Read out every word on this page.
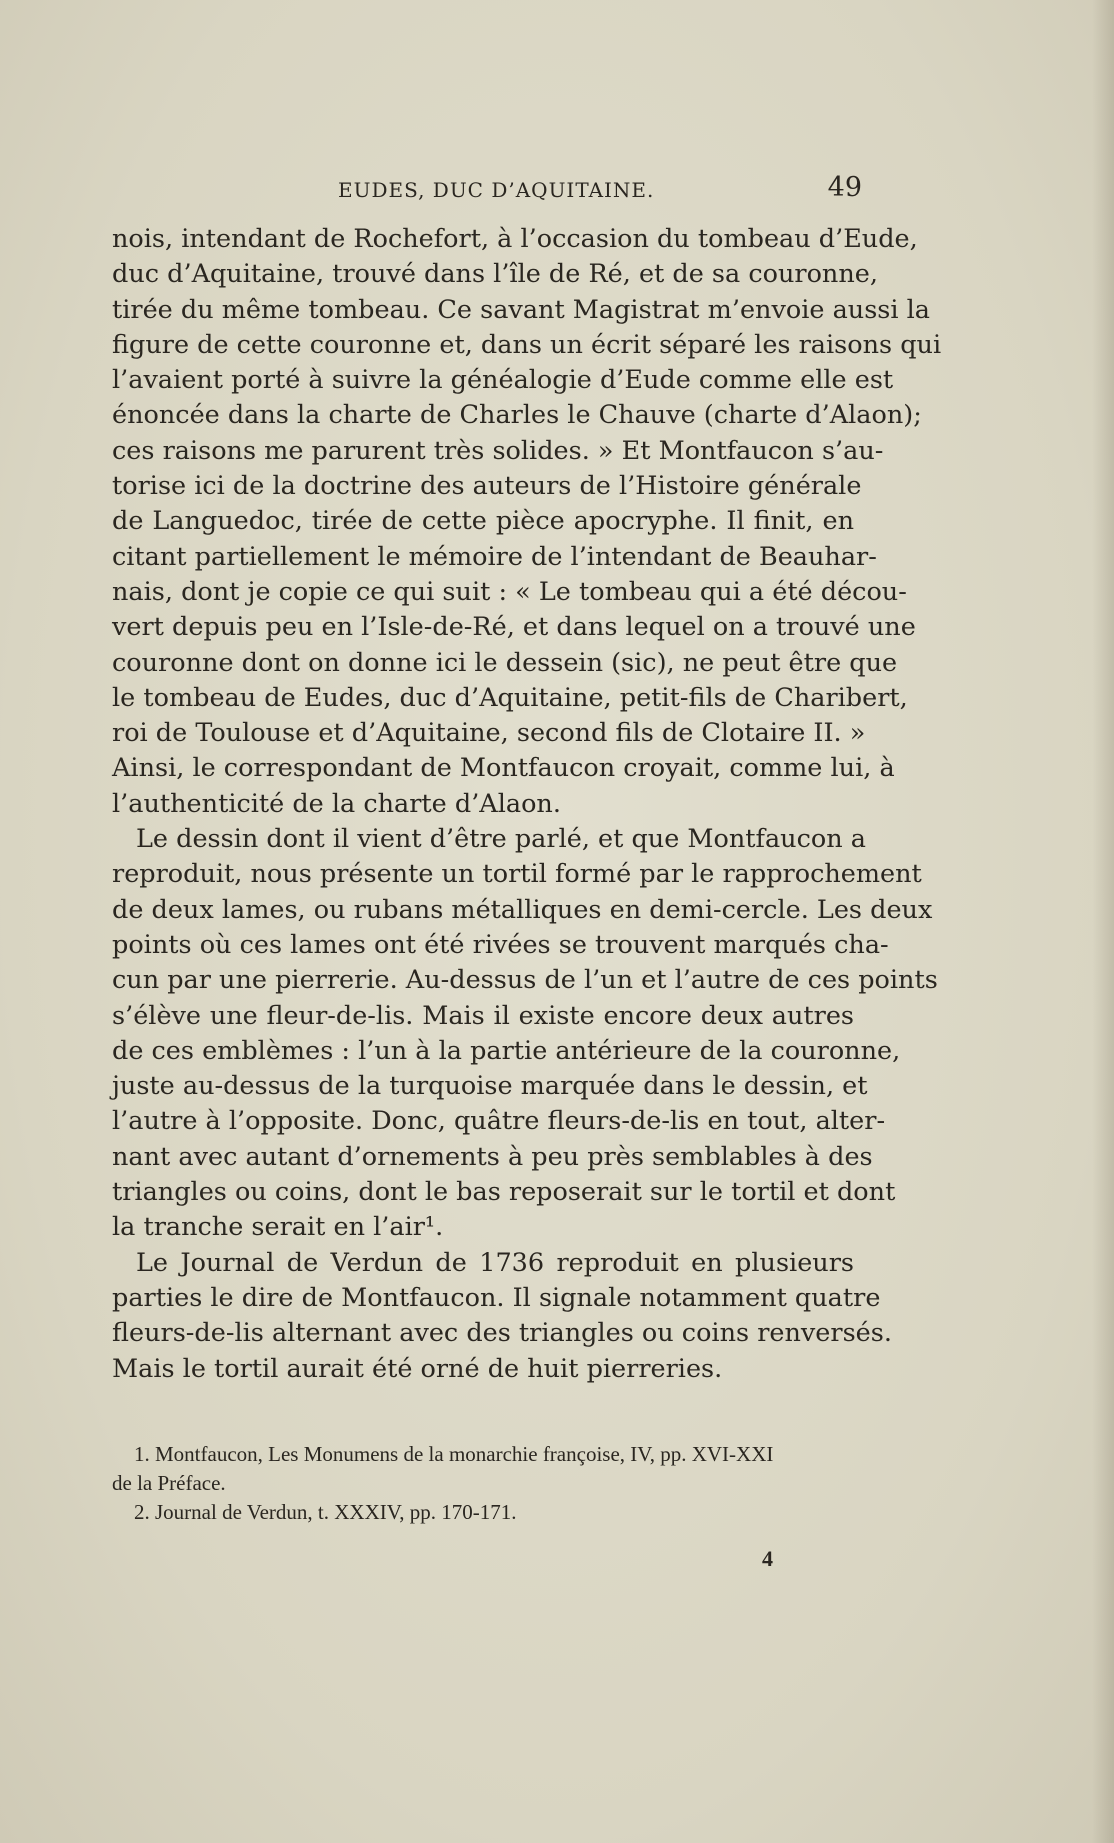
EUDES, DUC D’AQUITAINE.	49
nois, intendant de Rochefort, à l’occasion du tombeau d’Eude,
duc d’Aquitaine, trouvé dans l’île de Ré, et de sa couronne,
tirée du même tombeau. Ce savant Magistrat m’envoie aussi la
figure de cette couronne et, dans un écrit séparé les raisons qui
l’avaient porté à suivre la généalogie d’Eude comme elle est
énoncée dans la charte de Charles le Chauve (charte d’Alaon);
ces raisons me parurent très solides. » Et Montfaucon s’au-
torise ici de la doctrine des auteurs de l’Histoire générale
de Languedoc, tirée de cette pièce apocryphe. Il finit, en
citant partiellement le mémoire de l’intendant de Beauhar-
nais, dont je copie ce qui suit : « Le tombeau qui a été décou-
vert depuis peu en l’Isle-de-Ré, et dans lequel on a trouvé une
couronne dont on donne ici le dessein (sic), ne peut être que
le tombeau de Eudes, duc d’Aquitaine, petit-fils de Charibert,
roi de Toulouse et d’Aquitaine, second fils de Clotaire II. »
Ainsi, le correspondant de Montfaucon croyait, comme lui, à
l’authenticité de la charte d’Alaon.
Le dessin dont il vient d’être parlé, et que Montfaucon a
reproduit, nous présente un tortil formé par le rapprochement
de deux lames, ou rubans métalliques en demi-cercle. Les deux
points où ces lames ont été rivées se trouvent marqués cha-
cun par une pierrerie. Au-dessus de l’un et l’autre de ces points
s’élève une fleur-de-lis. Mais il existe encore deux autres
de ces emblèmes : l’un à la partie antérieure de la couronne,
juste au-dessus de la turquoise marquée dans le dessin, et
l’autre à l’opposite. Donc, quâtre fleurs-de-lis en tout, alter-
nant avec autant d’ornements à peu près semblables à des
triangles ou coins, dont le bas reposerait sur le tortil et dont
la tranche serait en l’air¹.
Le Journal de Verdun de 1736 reproduit en plusieurs
parties le dire de Montfaucon. Il signale notamment quatre
fleurs-de-lis alternant avec des triangles ou coins renversés.
Mais le tortil aurait été orné de huit pierreries.
1. Montfaucon, Les Monumens de la monarchie françoise, IV, pp. XVI-XXI
de la Préface.
2. Journal de Verdun, t. XXXIV, pp. 170-171.
4
